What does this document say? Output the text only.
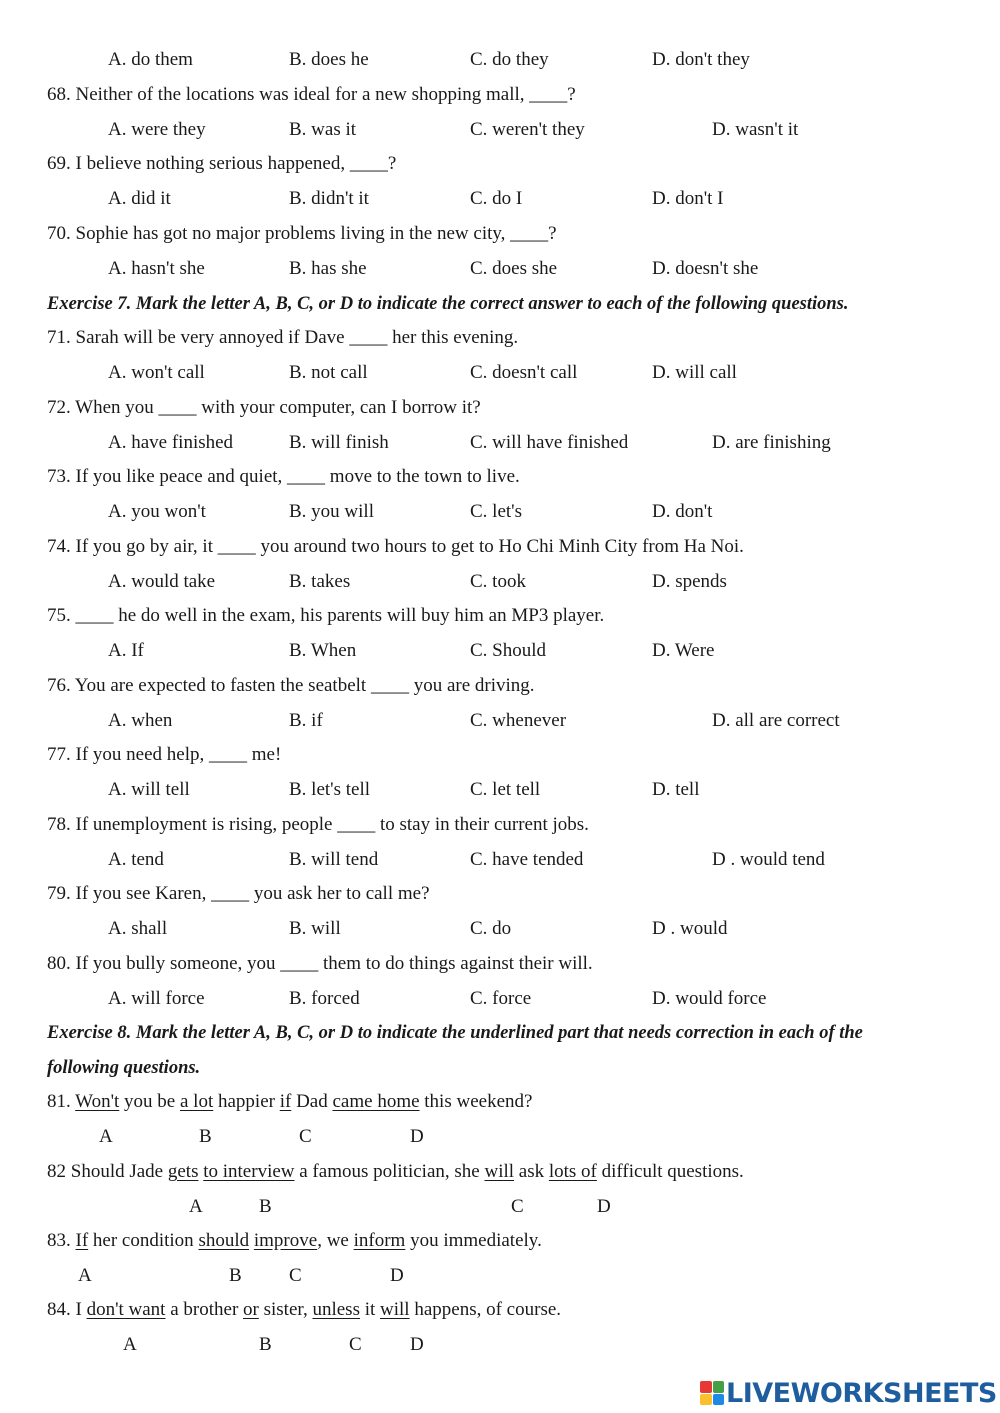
A. do them	B. does he	C. do they	D. don't they
68. Neither of the locations was ideal for a new shopping mall, ____?
A. were they	B. was it	C. weren't they	D. wasn't it
69. I believe nothing serious happened, ____?
A. did it	B. didn't it	C. do I	D. don't I
70. Sophie has got no major problems living in the new city, ____?
A. hasn't she	B. has she	C. does she	D. doesn't she
Exercise 7. Mark the letter A, B, C, or D to indicate the correct answer to each of the following questions.
71. Sarah will be very annoyed if Dave ____ her this evening.
A. won't call	B. not call	C. doesn't call	D. will call
72. When you ____ with your computer, can I borrow it?
A. have finished	B. will finish	C. will have finished	D. are finishing
73. If you like peace and quiet, ____ move to the town to live.
A. you won't	B. you will	C. let's	D. don't
74. If you go by air, it ____ you around two hours to get to Ho Chi Minh City from Ha Noi.
A. would take	B. takes	C. took	D. spends
75. ____ he do well in the exam, his parents will buy him an MP3 player.
A. If	B. When	C. Should	D. Were
76. You are expected to fasten the seatbelt ____ you are driving.
A. when	B. if	C. whenever	D. all are correct
77. If you need help, ____ me!
A. will tell	B. let's tell	C. let tell	D. tell
78. If unemployment is rising, people ____ to stay in their current jobs.
A. tend	B. will tend	C. have tended	D . would tend
79. If you see Karen, ____ you ask her to call me?
A. shall	B. will	C. do	D . would
80. If you bully someone, you ____ them to do things against their will.
A. will force	B. forced	C. force	D. would force
Exercise 8. Mark the letter A, B, C, or D to indicate the underlined part that needs correction in each of the
following questions.
81. Won't you be a lot happier if Dad came home this weekend?
A	B	C	D
82 Should Jade gets to interview a famous politician, she will ask lots of difficult questions.
A	B	C	D
83. If her condition should improve, we inform you immediately.
A	B C	D
84. I don't want a brother or sister, unless it will happens, of course.
A	B	C	D
LIVEWORKSHEETS
